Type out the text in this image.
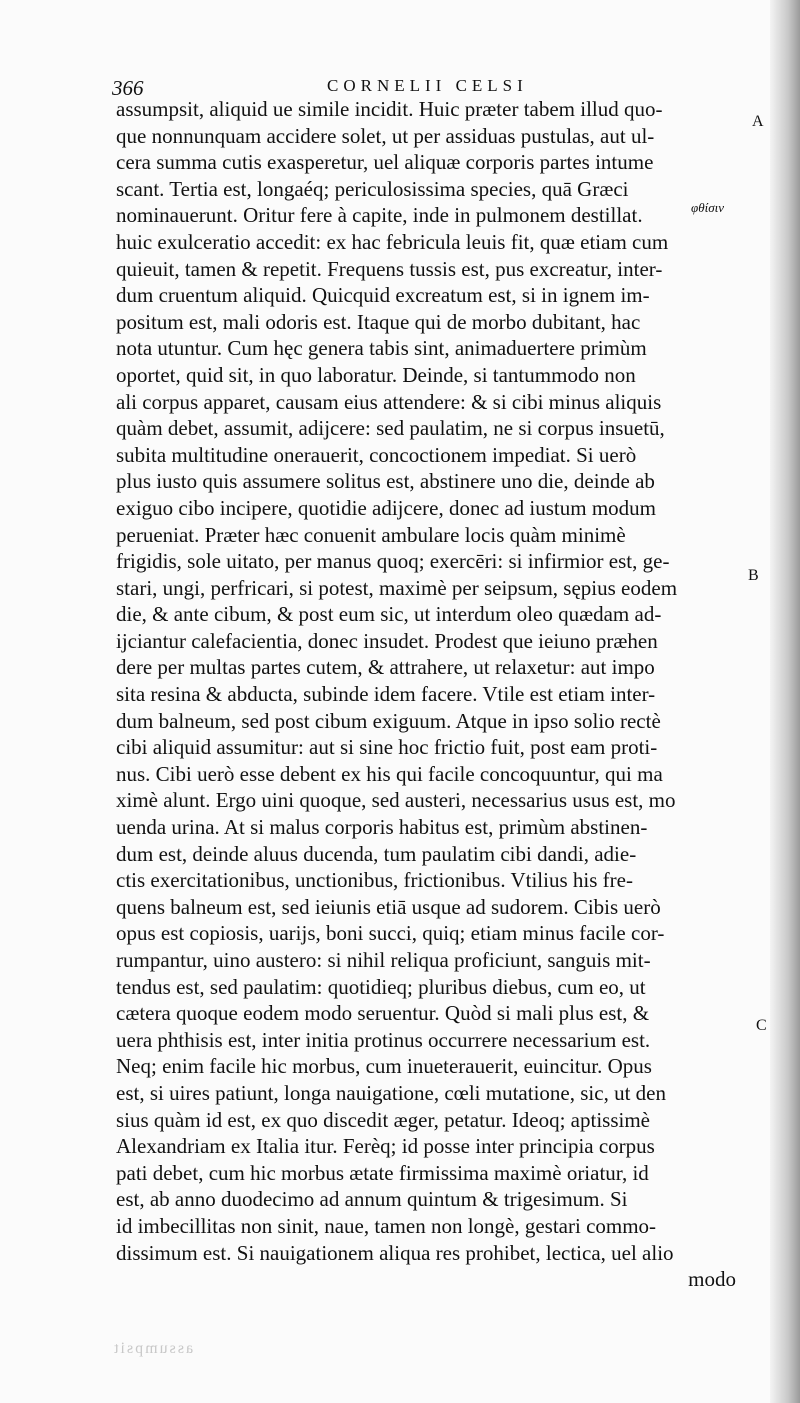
366	CORNELII CELSI
φθίσιν
A
B
C
assumpsit, aliquid ue simile incidit. Huic præter tabem illud quo-
que nonnunquam accidere solet, ut per assiduas pustulas, aut ul-
cera summa cutis exasperetur, uel aliquæ corporis partes intume
scant. Tertia est, longaéq; periculosissima species, quā Græci
nominauerunt. Oritur fere à capite, inde in pulmonem destillat.
huic exulceratio accedit: ex hac febricula leuis fit, quæ etiam cum
quieuit, tamen & repetit. Frequens tussis est, pus excreatur, inter-
dum cruentum aliquid. Quicquid excreatum est, si in ignem im-
positum est, mali odoris est. Itaque qui de morbo dubitant, hac
nota utuntur. Cum hęc genera tabis sint, animaduertere primùm
oportet, quid sit, in quo laboratur. Deinde, si tantummodo non
ali corpus apparet, causam eius attendere: & si cibi minus aliquis
quàm debet, assumit, adijcere: sed paulatim, ne si corpus insuetū,
subita multitudine onerauerit, concoctionem impediat. Si uerò
plus iusto quis assumere solitus est, abstinere uno die, deinde ab
exiguo cibo incipere, quotidie adijcere, donec ad iustum modum
perueniat. Præter hæc conuenit ambulare locis quàm minimè
frigidis, sole uitato, per manus quoq; exercēri: si infirmior est, ge-
stari, ungi, perfricari, si potest, maximè per seipsum, sępius eodem
die, & ante cibum, & post eum sic, ut interdum oleo quædam ad-
ijciantur calefacientia, donec insudet. Prodest que ieiuno præhen
dere per multas partes cutem, & attrahere, ut relaxetur: aut impo
sita resina & abducta, subinde idem facere. Vtile est etiam inter-
dum balneum, sed post cibum exiguum. Atque in ipso solio rectè
cibi aliquid assumitur: aut si sine hoc frictio fuit, post eam proti-
nus. Cibi uerò esse debent ex his qui facile concoquuntur, qui ma
ximè alunt. Ergo uini quoque, sed austeri, necessarius usus est, mo
uenda urina. At si malus corporis habitus est, primùm abstinen-
dum est, deinde aluus ducenda, tum paulatim cibi dandi, adie-
ctis exercitationibus, unctionibus, frictionibus. Vtilius his fre-
quens balneum est, sed ieiunis etiā usque ad sudorem. Cibis uerò
opus est copiosis, uarijs, boni succi, quiq; etiam minus facile cor-
rumpantur, uino austero: si nihil reliqua proficiunt, sanguis mit-
tendus est, sed paulatim: quotidieq; pluribus diebus, cum eo, ut
cætera quoque eodem modo seruentur. Quòd si mali plus est, &
uera phthisis est, inter initia protinus occurrere necessarium est.
Neq; enim facile hic morbus, cum inueterauerit, euincitur. Opus
est, si uires patiunt, longa nauigatione, cœli mutatione, sic, ut den
sius quàm id est, ex quo discedit æger, petatur. Ideoq; aptissimè
Alexandriam ex Italia itur. Ferèq; id posse inter principia corpus
pati debet, cum hic morbus ætate firmissima maximè oriatur, id
est, ab anno duodecimo ad annum quintum & trigesimum. Si
id imbecillitas non sinit, naue, tamen non longè, gestari commo-
dissimum est. Si nauigationem aliqua res prohibet, lectica, uel alio
modo
assumpsit
